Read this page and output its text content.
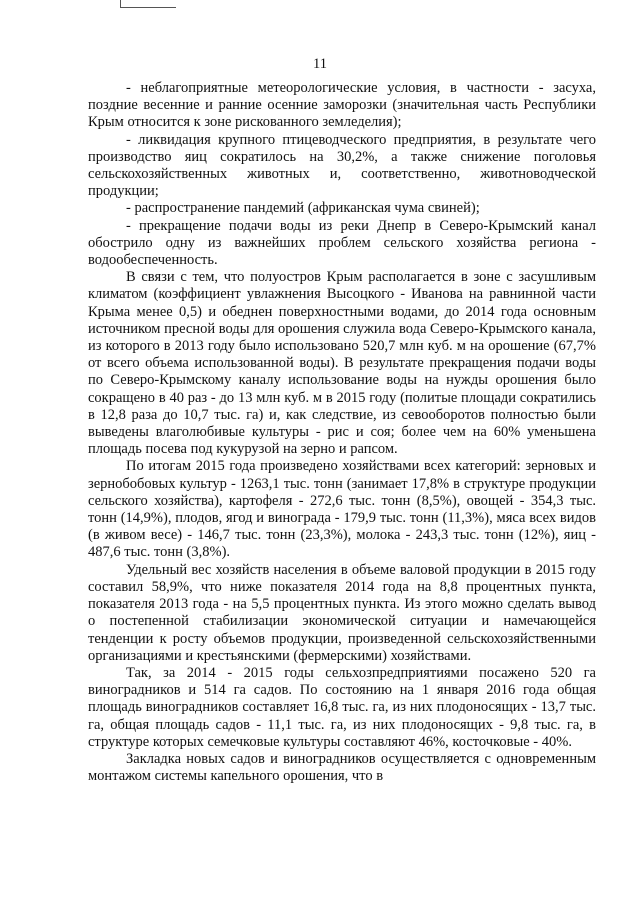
11

- неблагоприятные метеорологические условия, в частности - засуха, поздние весенние и ранние осенние заморозки (значительная часть Республики Крым относится к зоне рискованного земледелия);

- ликвидация крупного птицеводческого предприятия, в результате чего производство яиц сократилось на 30,2%, а также снижение поголовья сельскохозяйственных животных и, соответственно, животноводческой продукции;

- распространение пандемий (африканская чума свиней);

- прекращение подачи воды из реки Днепр в Северо-Крымский канал обострило одну из важнейших проблем сельского хозяйства региона - водообеспеченность.

В связи с тем, что полуостров Крым располагается в зоне с засушливым климатом (коэффициент увлажнения Высоцкого - Иванова на равнинной части Крыма менее 0,5) и обеднен поверхностными водами, до 2014 года основным источником пресной воды для орошения служила вода Северо-Крымского канала, из которого в 2013 году было использовано 520,7 млн куб. м на орошение (67,7% от всего объема использованной воды). В результате прекращения подачи воды по Северо-Крымскому каналу использование воды на нужды орошения было сокращено в 40 раз - до 13 млн куб. м в 2015 году (политые площади сократились в 12,8 раза до 10,7 тыс. га) и, как следствие, из севооборотов полностью были выведены влаголюбивые культуры - рис и соя; более чем на 60% уменьшена площадь посева под кукурузой на зерно и рапсом.

По итогам 2015 года произведено хозяйствами всех категорий: зерновых и зернобобовых культур - 1263,1 тыс. тонн (занимает 17,8% в структуре продукции сельского хозяйства), картофеля - 272,6 тыс. тонн (8,5%), овощей - 354,3 тыс. тонн (14,9%), плодов, ягод и винограда - 179,9 тыс. тонн (11,3%), мяса всех видов (в живом весе) - 146,7 тыс. тонн (23,3%), молока - 243,3 тыс. тонн (12%), яиц - 487,6 тыс. тонн (3,8%).

Удельный вес хозяйств населения в объеме валовой продукции в 2015 году составил 58,9%, что ниже показателя 2014 года на 8,8 процентных пункта, показателя 2013 года - на 5,5 процентных пункта. Из этого можно сделать вывод о постепенной стабилизации экономической ситуации и намечающейся тенденции к росту объемов продукции, произведенной сельскохозяйственными организациями и крестьянскими (фермерскими) хозяйствами.

Так, за 2014 - 2015 годы сельхозпредприятиями посажено 520 га виноградников и 514 га садов. По состоянию на 1 января 2016 года общая площадь виноградников составляет 16,8 тыс. га, из них плодоносящих - 13,7 тыс. га, общая площадь садов - 11,1 тыс. га, из них плодоносящих - 9,8 тыс. га, в структуре которых семечковые культуры составляют 46%, косточковые - 40%.

Закладка новых садов и виноградников осуществляется с одновременным монтажом системы капельного орошения, что в
